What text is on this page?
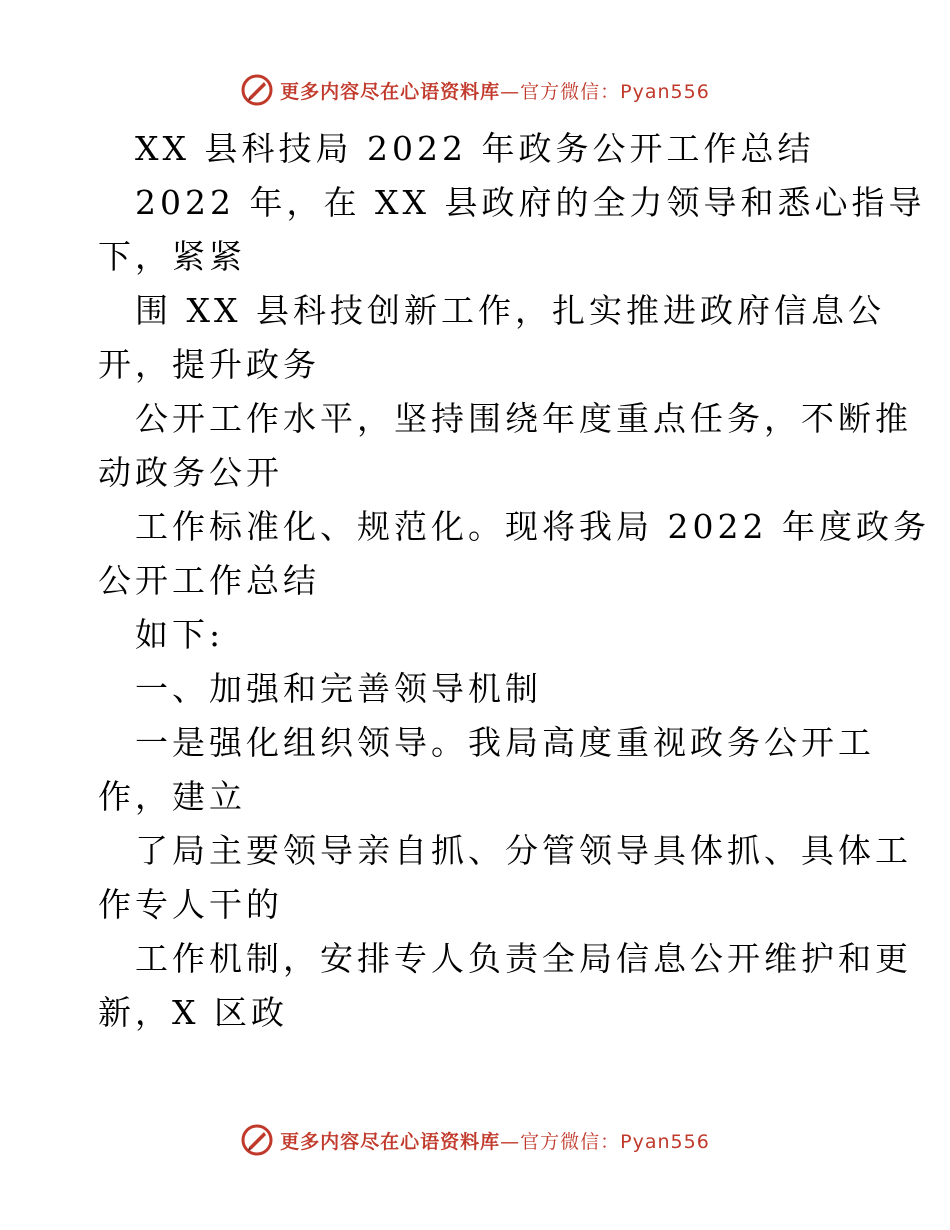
更多内容尽在心语资料库—官方微信：Pyan556
XX 县科技局 2022 年政务公开工作总结
2022 年，在 XX 县政府的全力领导和悉心指导
下，紧紧
围 XX 县科技创新工作，扎实推进政府信息公
开，提升政务
公开工作水平，坚持围绕年度重点任务，不断推
动政务公开
工作标准化、规范化。现将我局 2022 年度政务
公开工作总结
如下:
一、加强和完善领导机制
一是强化组织领导。我局高度重视政务公开工
作，建立
了局主要领导亲自抓、分管领导具体抓、具体工
作专人干的
工作机制，安排专人负责全局信息公开维护和更
新，X 区政
更多内容尽在心语资料库—官方微信：Pyan556
